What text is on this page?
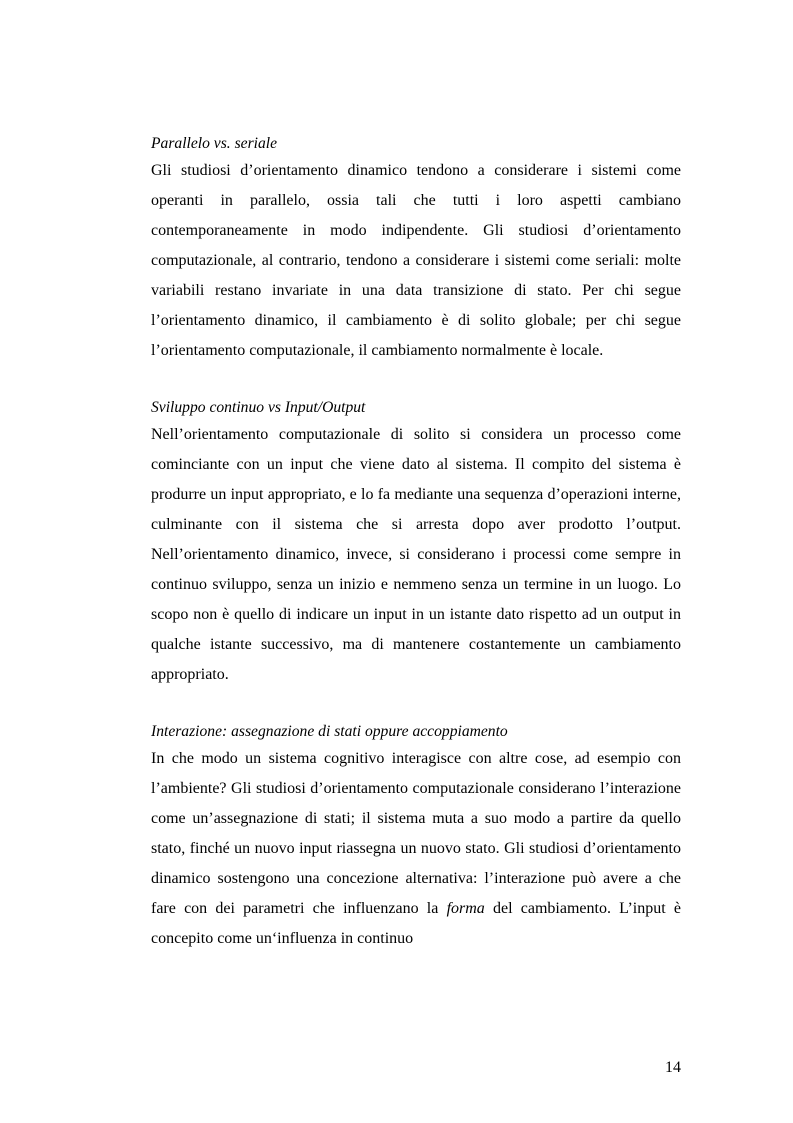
Parallelo vs. seriale

Gli studiosi d’orientamento dinamico tendono a considerare i sistemi come operanti in parallelo, ossia tali che tutti i loro aspetti cambiano contemporaneamente in modo indipendente. Gli studiosi d’orientamento computazionale, al contrario, tendono a considerare i sistemi come seriali: molte variabili restano invariate in una data transizione di stato. Per chi segue l’orientamento dinamico, il cambiamento è di solito globale; per chi segue l’orientamento computazionale, il cambiamento normalmente è locale.

Sviluppo continuo vs Input/Output

Nell’orientamento computazionale di solito si considera un processo come cominciante con un input che viene dato al sistema. Il compito del sistema è produrre un input appropriato, e lo fa mediante una sequenza d’operazioni interne, culminante con il sistema che si arresta dopo aver prodotto l’output. Nell’orientamento dinamico, invece, si considerano i processi come sempre in continuo sviluppo, senza un inizio e nemmeno senza un termine in un luogo. Lo scopo non è quello di indicare un input in un istante dato rispetto ad un output in qualche istante successivo, ma di mantenere costantemente un cambiamento appropriato.

Interazione: assegnazione di stati oppure accoppiamento

In che modo un sistema cognitivo interagisce con altre cose, ad esempio con l’ambiente? Gli studiosi d’orientamento computazionale considerano l’interazione come un’assegnazione di stati; il sistema muta a suo modo a partire da quello stato, finché un nuovo input riassegna un nuovo stato. Gli studiosi d’orientamento dinamico sostengono una concezione alternativa: l’interazione può avere a che fare con dei parametri che influenzano la forma del cambiamento. L’input è concepito come un‘influenza in continuo

14
